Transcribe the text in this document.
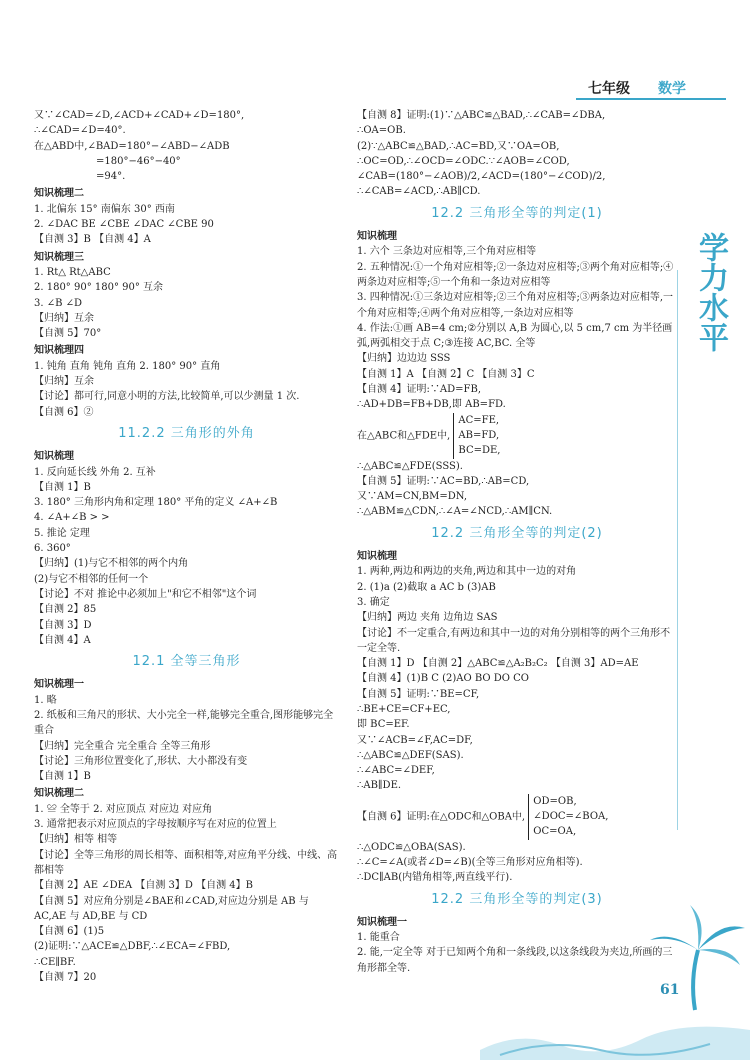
七年级 数学
学力水平
又∵∠CAD=∠D,∠ACD+∠CAD+∠D=180°,
∴∠CAD=∠D=40°.
在△ABD中,∠BAD=180°−∠ABD−∠ADB
=180°−46°−40°
=94°.
知识梳理二
1. 北偏东 15° 南偏东 30° 西南
2. ∠DAC BE ∠CBE ∠DAC ∠CBE 90
【自测 3】B 【自测 4】A
知识梳理三
1. Rt△ Rt△ABC
2. 180° 90° 180° 90° 互余
3. ∠B ∠D
【归纳】互余
【自测 5】70°
知识梳理四
1. 钝角 直角 钝角 直角 2. 180° 90° 直角
【归纳】互余
【讨论】都可行,同意小明的方法,比较简单,可以少测量 1 次.
【自测 6】②
11.2.2 三角形的外角
知识梳理
1. 反向延长线 外角 2. 互补
【自测 1】B
3. 180° 三角形内角和定理 180° 平角的定义 ∠A+∠B
4. ∠A+∠B > >
5. 推论 定理
6. 360°
【归纳】(1)与它不相邻的两个内角
(2)与它不相邻的任何一个
【讨论】不对 推论中必须加上"和它不相邻"这个词
【自测 2】85
【自测 3】D
【自测 4】A
12.1 全等三角形
知识梳理一
1. 略
2. 纸板和三角尺的形状、大小完全一样,能够完全重合,图形能够完全重合
【归纳】完全重合 完全重合 全等三角形
【讨论】三角形位置变化了,形状、大小都没有变
【自测 1】B
知识梳理二
1. ≌ 全等于 2. 对应顶点 对应边 对应角
3. 通常把表示对应顶点的字母按顺序写在对应的位置上
【归纳】相等 相等
【讨论】全等三角形的周长相等、面积相等,对应角平分线、中线、高都相等
【自测 2】AE ∠DEA 【自测 3】D 【自测 4】B
【自测 5】对应角分别是∠BAE和∠CAD,对应边分别是 AB 与 AC,AE 与 AD,BE 与 CD
【自测 6】(1)5
(2)证明:∵△ACE≌△DBF,∴∠ECA=∠FBD,
∴CE∥BF.
【自测 7】20
【自测 8】证明:(1)∵△ABC≌△BAD,∴∠CAB=∠DBA,
∴OA=OB.
(2)∵△ABC≌△BAD,∴AC=BD,又∵OA=OB,
∴OC=OD,∴∠OCD=∠ODC.∵∠AOB=∠COD,
∠CAB=(180°−∠AOB)/2,∠ACD=(180°−∠COD)/2,
∴∠CAB=∠ACD,∴AB∥CD.
12.2 三角形全等的判定(1)
知识梳理
1. 六个 三条边对应相等,三个角对应相等
2. 五种情况:①一个角对应相等;②一条边对应相等;③两个角对应相等;④两条边对应相等;⑤一个角和一条边对应相等
3. 四种情况:①三条边对应相等;②三个角对应相等;③两条边对应相等,一个角对应相等;④两个角对应相等,一条边对应相等
4. 作法:①画 AB=4 cm;②分别以 A,B 为圆心,以 5 cm,7 cm 为半径画弧,两弧相交于点 C;③连接 AC,BC. 全等
【归纳】边边边 SSS
【自测 1】A 【自测 2】C 【自测 3】C
【自测 4】证明:∵AD=FB,
∴AD+DB=FB+DB,即 AB=FD.
在△ABC和△FDE中,
AC=FE,
AB=FD,
BC=DE,
∴△ABC≌△FDE(SSS).
【自测 5】证明:∵AC=BD,∴AB=CD,
又∵AM=CN,BM=DN,
∴△ABM≌△CDN,∴∠A=∠NCD,∴AM∥CN.
12.2 三角形全等的判定(2)
知识梳理
1. 两种,两边和两边的夹角,两边和其中一边的对角
2. (1)a (2)截取 a AC b (3)AB
3. 确定
【归纳】两边 夹角 边角边 SAS
【讨论】不一定重合,有两边和其中一边的对角分别相等的两个三角形不一定全等.
【自测 1】D 【自测 2】△ABC≌△A₂B₂C₂ 【自测 3】AD=AE
【自测 4】(1)B C (2)AO BO DO CO
【自测 5】证明:∵BE=CF,
∴BE+CE=CF+EC,
即 BC=EF.
又∵∠ACB=∠F,AC=DF,
∴△ABC≌△DEF(SAS).
∴∠ABC=∠DEF,
∴AB∥DE.
【自测 6】证明:在△ODC和△OBA中,
OD=OB,
∠DOC=∠BOA,
OC=OA,
∴△ODC≌△OBA(SAS).
∴∠C=∠A(或者∠D=∠B)(全等三角形对应角相等).
∴DC∥AB(内错角相等,两直线平行).
12.2 三角形全等的判定(3)
知识梳理一
1. 能重合
2. 能,一定全等 对于已知两个角和一条线段,以这条线段为夹边,所画的三角形都全等.
61
